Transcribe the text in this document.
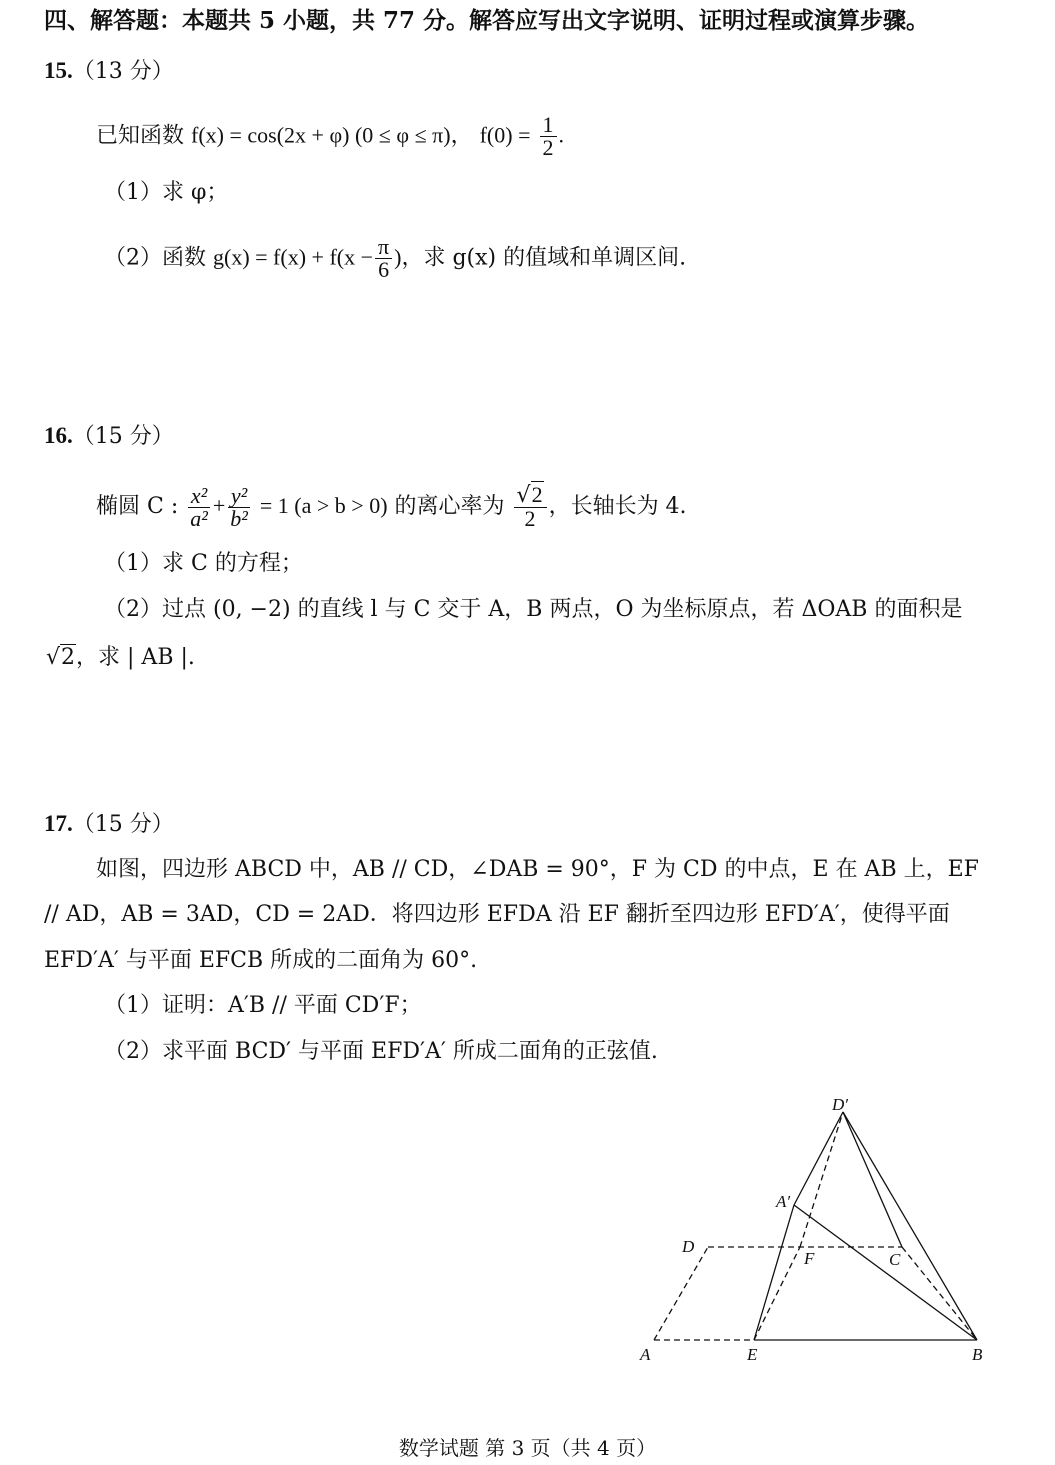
四、解答题：本题共 5 小题，共 77 分。解答应写出文字说明、证明过程或演算步骤。
15.（13 分）
已知函数 f(x) = cos(2x + φ) (0 ≤ φ ≤ π)， $f(0) = \frac{1}{2}$ .
（1）求 φ；
（2）函数 $g(x) = f(x) + f(x - \frac{\pi}{6}$ )，求 g(x) 的值域和单调区间.
16.（15 分）
椭圆 C : $\frac{\text{x²}}{\text{a²}} + \frac{\text{y²}}{\text{b²}} = 1$ (a > b > 0) 的离心率为 $\frac{√2}{2}$ ，长轴长为 4.
（1）求 C 的方程；
（2）过点 (0, −2) 的直线 l 与 C 交于 A，B 两点，O 为坐标原点，若 ΔOAB 的面积是
√2，求 | AB |.
17.（15 分）
如图，四边形 ABCD 中，AB // CD，∠DAB = 90°，F 为 CD 的中点，E 在 AB 上，EF
// AD，AB = 3AD，CD = 2AD．将四边形 EFDA 沿 EF 翻折至四边形 EFD′A′，使得平面
EFD′A′ 与平面 EFCB 所成的二面角为 60°.
（1）证明：A′B // 平面 CD′F；
（2）求平面 BCD′ 与平面 EFD′A′ 所成二面角的正弦值.
D′
A′
D
F	C
A	E	B
数学试题 第 3 页（共 4 页）
